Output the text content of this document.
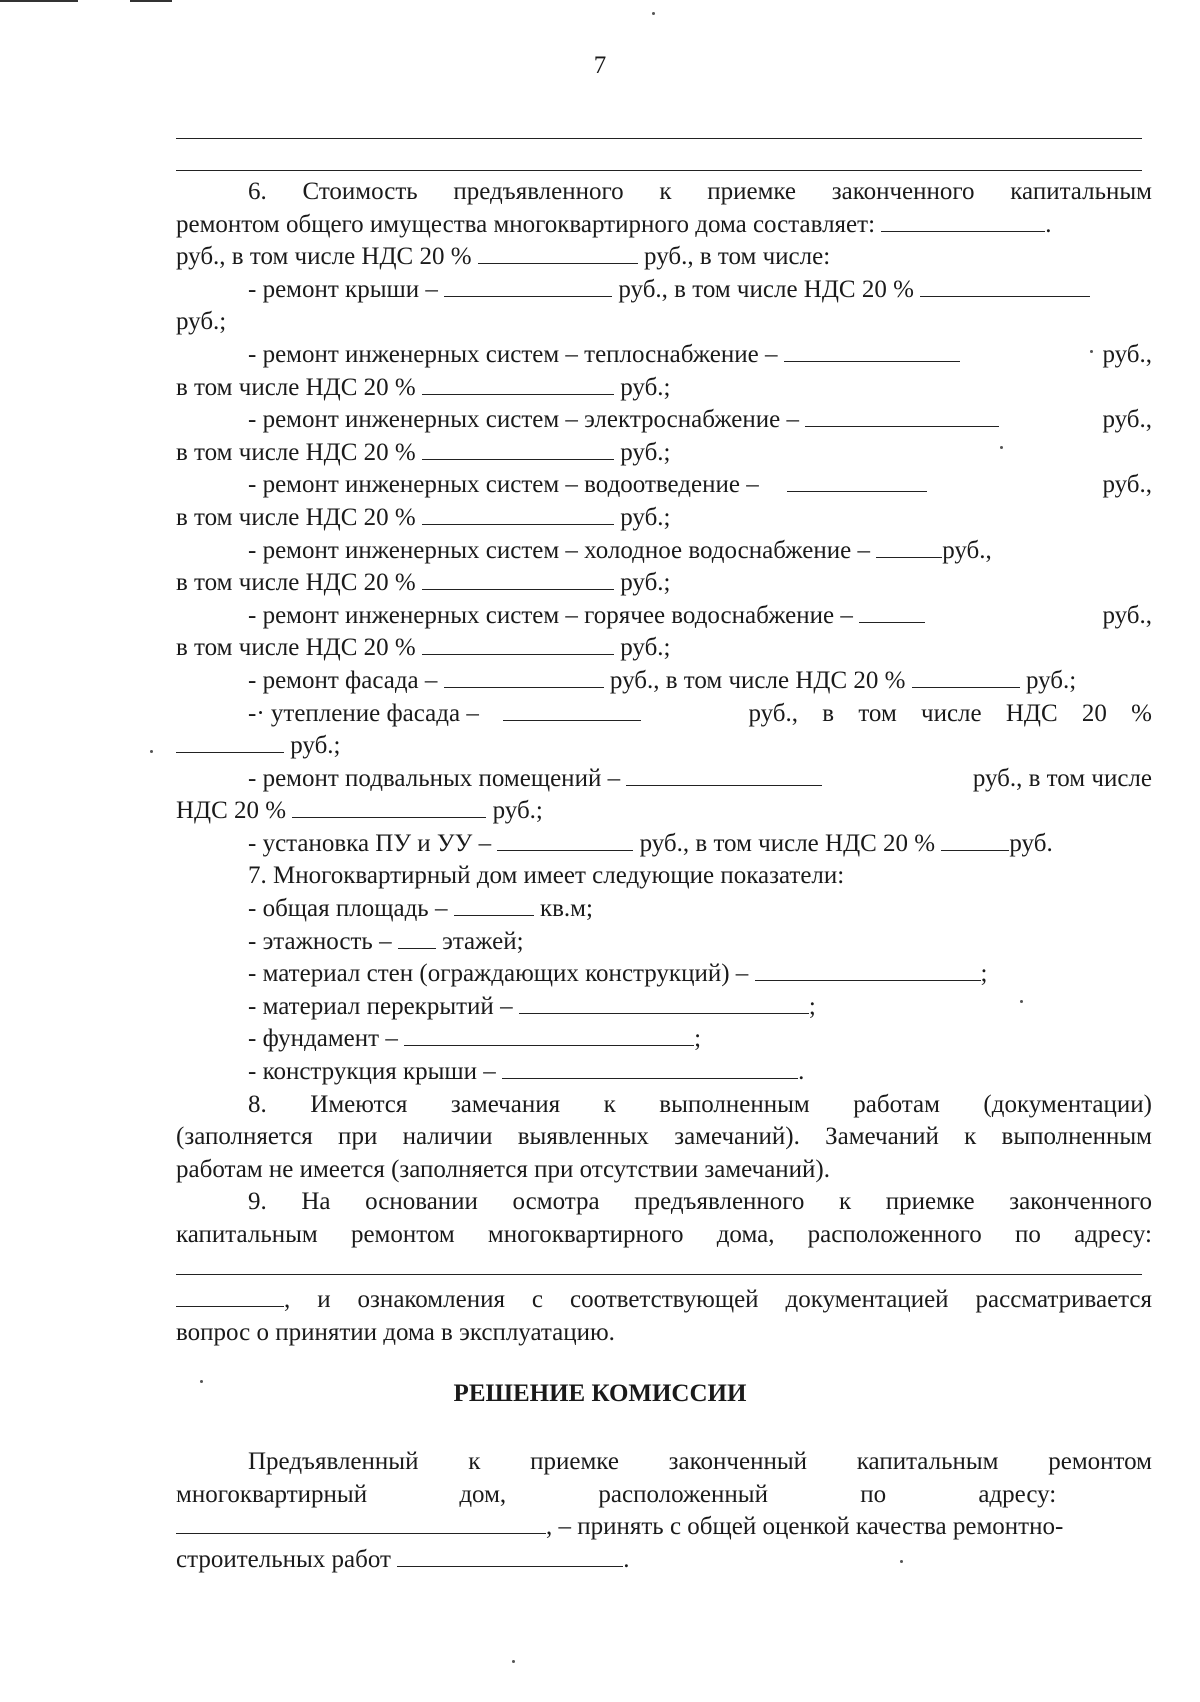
7
6. Стоимость предъявленного к приемке законченного капитальным
ремонтом общего имущества многоквартирного дома составляет:	.
руб., в том числе НДС 20 %	руб., в том числе:
- ремонт крыши –	руб., в том числе НДС 20 %
руб.;
- ремонт инженерных систем – теплоснабжение –	руб.,
в том числе НДС 20 %	руб.;
- ремонт инженерных систем – электроснабжение –	руб.,
в том числе НДС 20 %	руб.;
- ремонт инженерных систем – водоотведение –	руб.,
в том числе НДС 20 %	руб.;
- ремонт инженерных систем – холодное водоснабжение –	руб.,
в том числе НДС 20 %	руб.;
- ремонт инженерных систем – горячее водоснабжение –	руб.,
в том числе НДС 20 %	руб.;
- ремонт фасада –	руб., в том числе НДС 20 %	руб.;
-· утепление фасада –	руб., в том числе НДС 20 %
руб.;
- ремонт подвальных помещений –	руб., в том числе
НДС 20 %	руб.;
- установка ПУ и УУ –	руб., в том числе НДС 20 %	руб.
7. Многоквартирный дом имеет следующие показатели:
- общая площадь –	кв.м;
- этажность – этажей;
- материал стен (ограждающих конструкций) –	;
- материал перекрытий –	;
- фундамент –	;
- конструкция крыши –	.
8. Имеются замечания к выполненным работам (документации)
(заполняется при наличии выявленных замечаний). Замечаний к выполненным
работам не имеется (заполняется при отсутствии замечаний).
9. На основании осмотра предъявленного к приемке законченного
капитальным ремонтом многоквартирного дома, расположенного по адресу:
, и ознакомления с соответствующей документацией рассматривается
вопрос о принятии дома в эксплуатацию.
РЕШЕНИЕ КОМИССИИ
Предъявленный к приемке законченный капитальным ремонтом
многоквартирный дом, расположенный по адресу:
, – принять с общей оценкой качества ремонтно-
строительных работ	.
